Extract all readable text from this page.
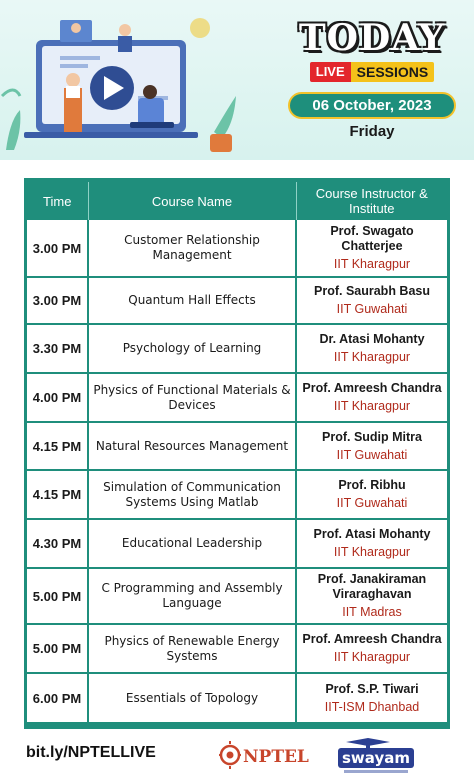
TODAY
LIVE SESSIONS
06 October, 2023
Friday
Time	Course Name	Course Instructor & Institute
3.00 PM	Customer Relationship Management	Prof. Swagato Chatterjee
IIT Kharagpur

3.00 PM	Quantum Hall Effects	Prof. Saurabh Basu
IIT Guwahati

3.30 PM	Psychology of Learning	Dr. Atasi Mohanty
IIT Kharagpur

4.00 PM	Physics of Functional Materials & Devices	Prof. Amreesh Chandra
IIT Kharagpur

4.15 PM	Natural Resources Management	Prof. Sudip Mitra
IIT Guwahati

4.15 PM	Simulation of Communication Systems Using Matlab	Prof. Ribhu
IIT Guwahati

4.30 PM	Educational Leadership	Prof. Atasi Mohanty
IIT Kharagpur

5.00 PM	C Programming and Assembly Language	Prof. Janakiraman Viraraghavan
IIT Madras

5.00 PM	Physics of Renewable Energy Systems	Prof. Amreesh Chandra
IIT Kharagpur

6.00 PM	Essentials of Topology	Prof. S.P. Tiwari
IIT-ISM Dhanbad
bit.ly/NPTELLIVE	NPTEL swayam
